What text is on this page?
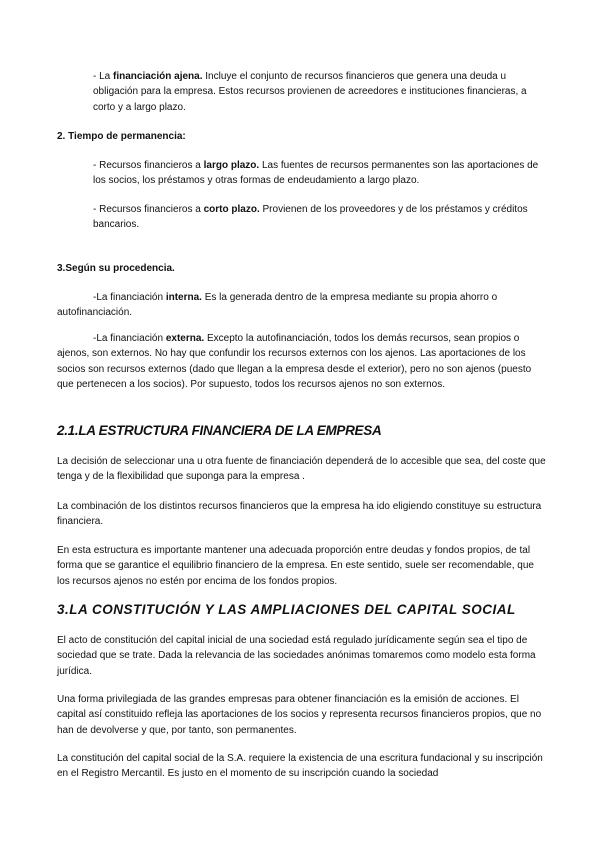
- La financiación ajena. Incluye el conjunto de recursos financieros que genera una deuda u obligación para la empresa. Estos recursos provienen de acreedores e instituciones financieras, a corto y a largo plazo.

2. Tiempo de permanencia:

- Recursos financieros a largo plazo. Las fuentes de recursos permanentes son las aportaciones de los socios, los préstamos y otras formas de endeudamiento a largo plazo.

- Recursos financieros a corto plazo. Provienen de los proveedores y de los préstamos y créditos bancarios.

3.Según su procedencia.

-La financiación interna. Es la generada dentro de la empresa mediante su propia ahorro o autofinanciación.

-La financiación externa. Excepto la autofinanciación, todos los demás recursos, sean propios o ajenos, son externos. No hay que confundir los recursos externos con los ajenos. Las aportaciones de los socios son recursos externos (dado que llegan a la empresa desde el exterior), pero no son ajenos (puesto que pertenecen a los socios). Por supuesto, todos los recursos ajenos no son externos.

2.1.LA ESTRUCTURA FINANCIERA DE LA EMPRESA

La decisión de seleccionar una u otra fuente de financiación dependerá de lo accesible que sea, del coste que tenga y de la flexibilidad que suponga para la empresa .

La combinación de los distintos recursos financieros que la empresa ha ido eligiendo constituye su estructura financiera.

En esta estructura es importante mantener una adecuada proporción entre deudas y fondos propios, de tal forma que se garantice el equilibrio financiero de la empresa. En este sentido, suele ser recomendable, que los recursos ajenos no estén por encima de los fondos propios.

3.LA CONSTITUCIÓN Y LAS AMPLIACIONES DEL CAPITAL SOCIAL

El acto de constitución del capital inicial de una sociedad está regulado jurídicamente según sea el tipo de sociedad que se trate. Dada la relevancia de las sociedades anónimas tomaremos como modelo esta forma jurídica.

Una forma privilegiada de las grandes empresas para obtener financiación es la emisión de acciones. El capital así constituido refleja las aportaciones de los socios y representa recursos financieros propios, que no han de devolverse y que, por tanto, son permanentes.

La constitución del capital social de la S.A. requiere la existencia de una escritura fundacional y su inscripción en el Registro Mercantil. Es justo en el momento de su inscripción cuando la sociedad
